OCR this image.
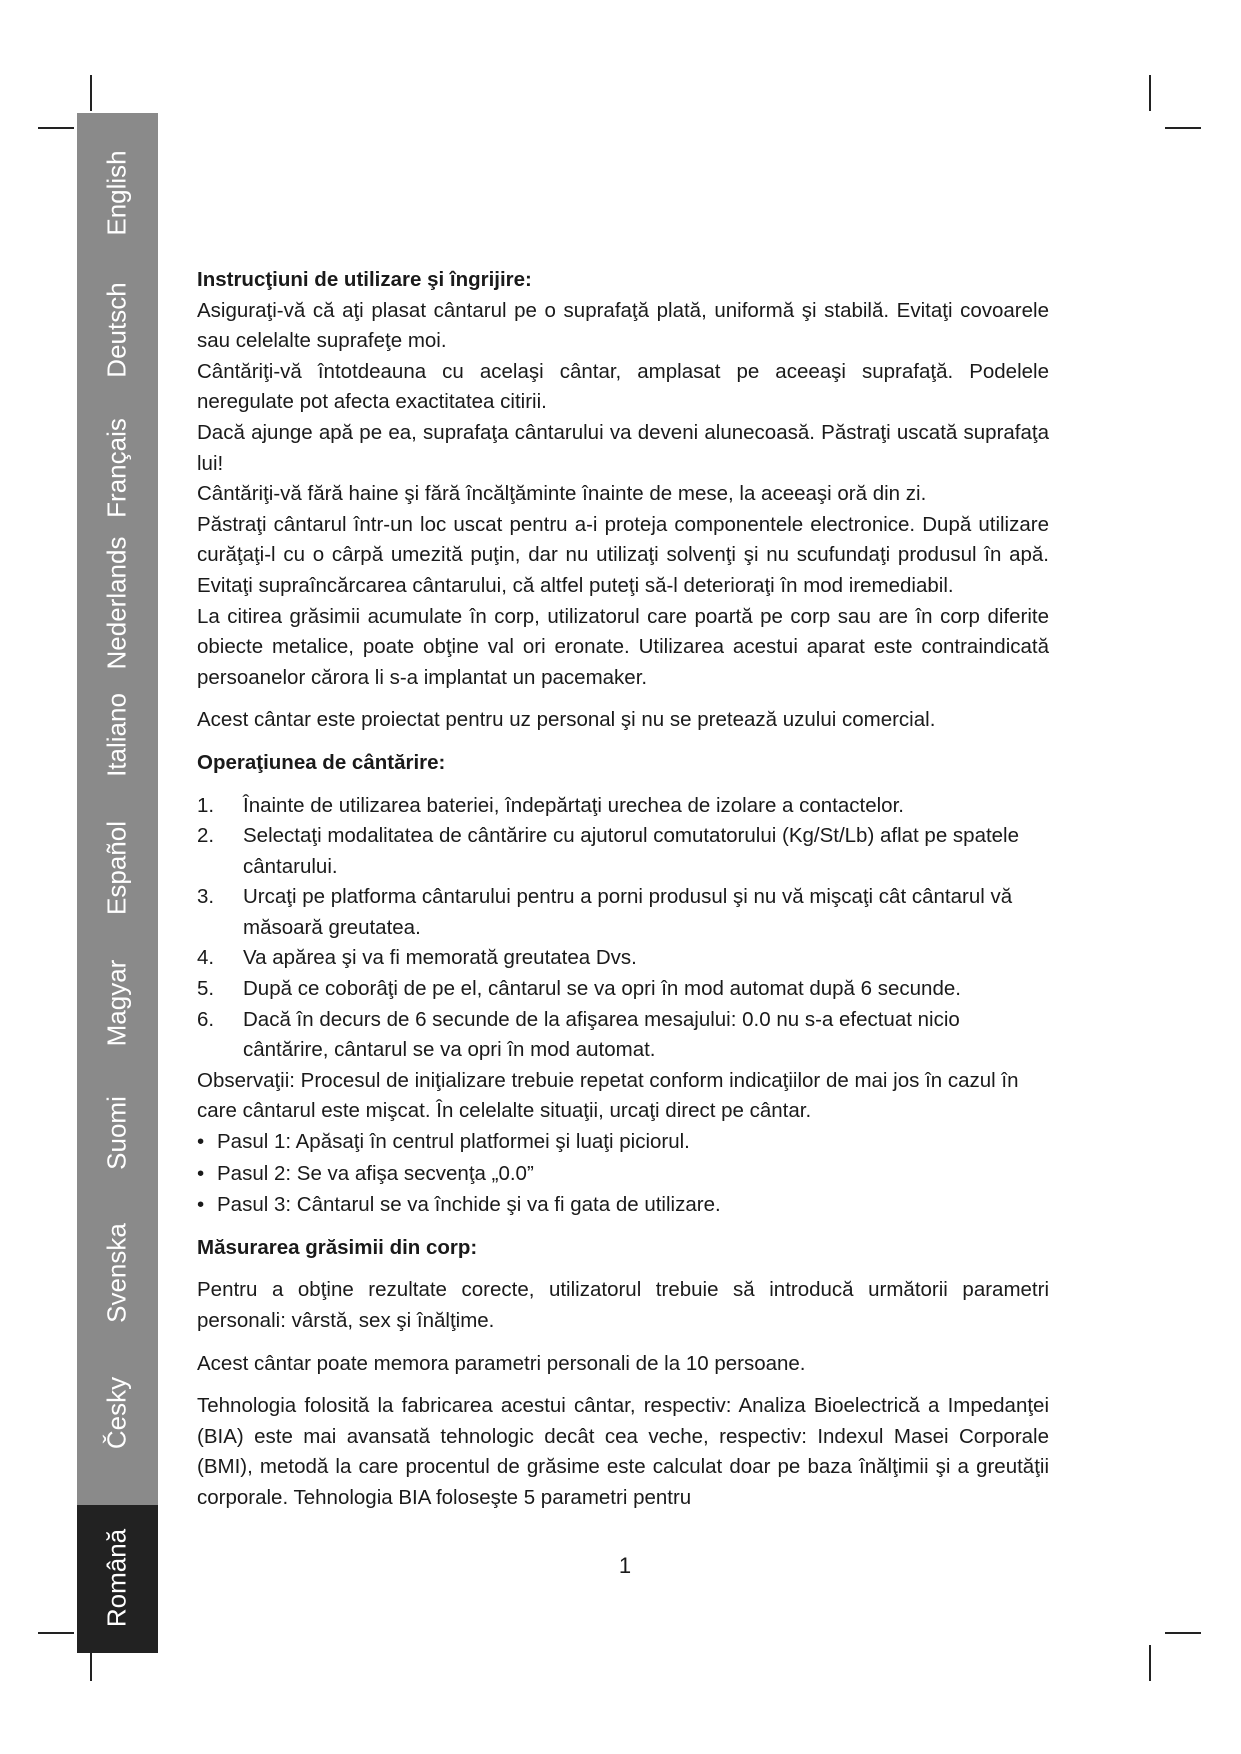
English
Deutsch
Français
Nederlands
Italiano
Español
Magyar
Suomi
Svenska
Česky
Română

Instrucţiuni de utilizare şi îngrijire:

Asiguraţi-vă că aţi plasat cântarul pe o suprafaţă plată, uniformă şi stabilă. Evitaţi covoarele sau celelalte suprafeţe moi.

Cântăriţi-vă întotdeauna cu acelaşi cântar, amplasat pe aceeaşi suprafaţă. Podelele neregulate pot afecta exactitatea citirii.

Dacă ajunge apă pe ea, suprafaţa cântarului va deveni alunecoasă. Păstraţi uscată suprafaţa lui!

Cântăriţi-vă fără haine şi fără încălţăminte înainte de mese, la aceeaşi oră din zi.

Păstraţi cântarul într-un loc uscat pentru a-i proteja componentele electronice. După utilizare curăţaţi-l cu o cârpă umezită puţin, dar nu utilizaţi solvenţi şi nu scufundaţi produsul în apă. Evitaţi supraîncărcarea cântarului, că altfel puteţi să-l deterioraţi în mod iremediabil.

La citirea grăsimii acumulate în corp, utilizatorul care poartă pe corp sau are în corp diferite obiecte metalice, poate obţine val ori eronate. Utilizarea acestui aparat este contraindicată persoanelor cărora li s-a implantat un pacemaker.

Acest cântar este proiectat pentru uz personal şi nu se pretează uzului comercial.

Operaţiunea de cântărire:

1. Înainte de utilizarea bateriei, îndepărtaţi urechea de izolare a contactelor.
2. Selectaţi modalitatea de cântărire cu ajutorul comutatorului (Kg/St/Lb) aflat pe spatele cântarului.
3. Urcaţi pe platforma cântarului pentru a porni produsul şi nu vă mişcaţi cât cântarul vă măsoară greutatea.
4. Va apărea şi va fi memorată greutatea Dvs.
5. După ce coborâţi de pe el, cântarul se va opri în mod automat după 6 secunde.
6. Dacă în decurs de 6 secunde de la afişarea mesajului: 0.0 nu s-a efectuat nicio cântărire, cântarul se va opri în mod automat.

Observaţii: Procesul de iniţializare trebuie repetat conform indicaţiilor de mai jos în cazul în care cântarul este mişcat. În celelalte situaţii, urcaţi direct pe cântar.

• Pasul 1: Apăsaţi în centrul platformei şi luaţi piciorul.
• Pasul 2: Se va afişa secvenţa „0.0”
• Pasul 3: Cântarul se va închide şi va fi gata de utilizare.

Măsurarea grăsimii din corp:

Pentru a obţine rezultate corecte, utilizatorul trebuie să introducă următorii parametri personali: vârstă, sex şi înălţime.

Acest cântar poate memora parametri personali de la 10 persoane.

Tehnologia folosită la fabricarea acestui cântar, respectiv: Analiza Bioelectrică a Impedanţei (BIA) este mai avansată tehnologic decât cea veche, respectiv: Indexul Masei Corporale (BMI), metodă la care procentul de grăsime este calculat doar pe baza înălţimii şi a greutăţii corporale. Tehnologia BIA foloseşte 5 parametri pentru

1
